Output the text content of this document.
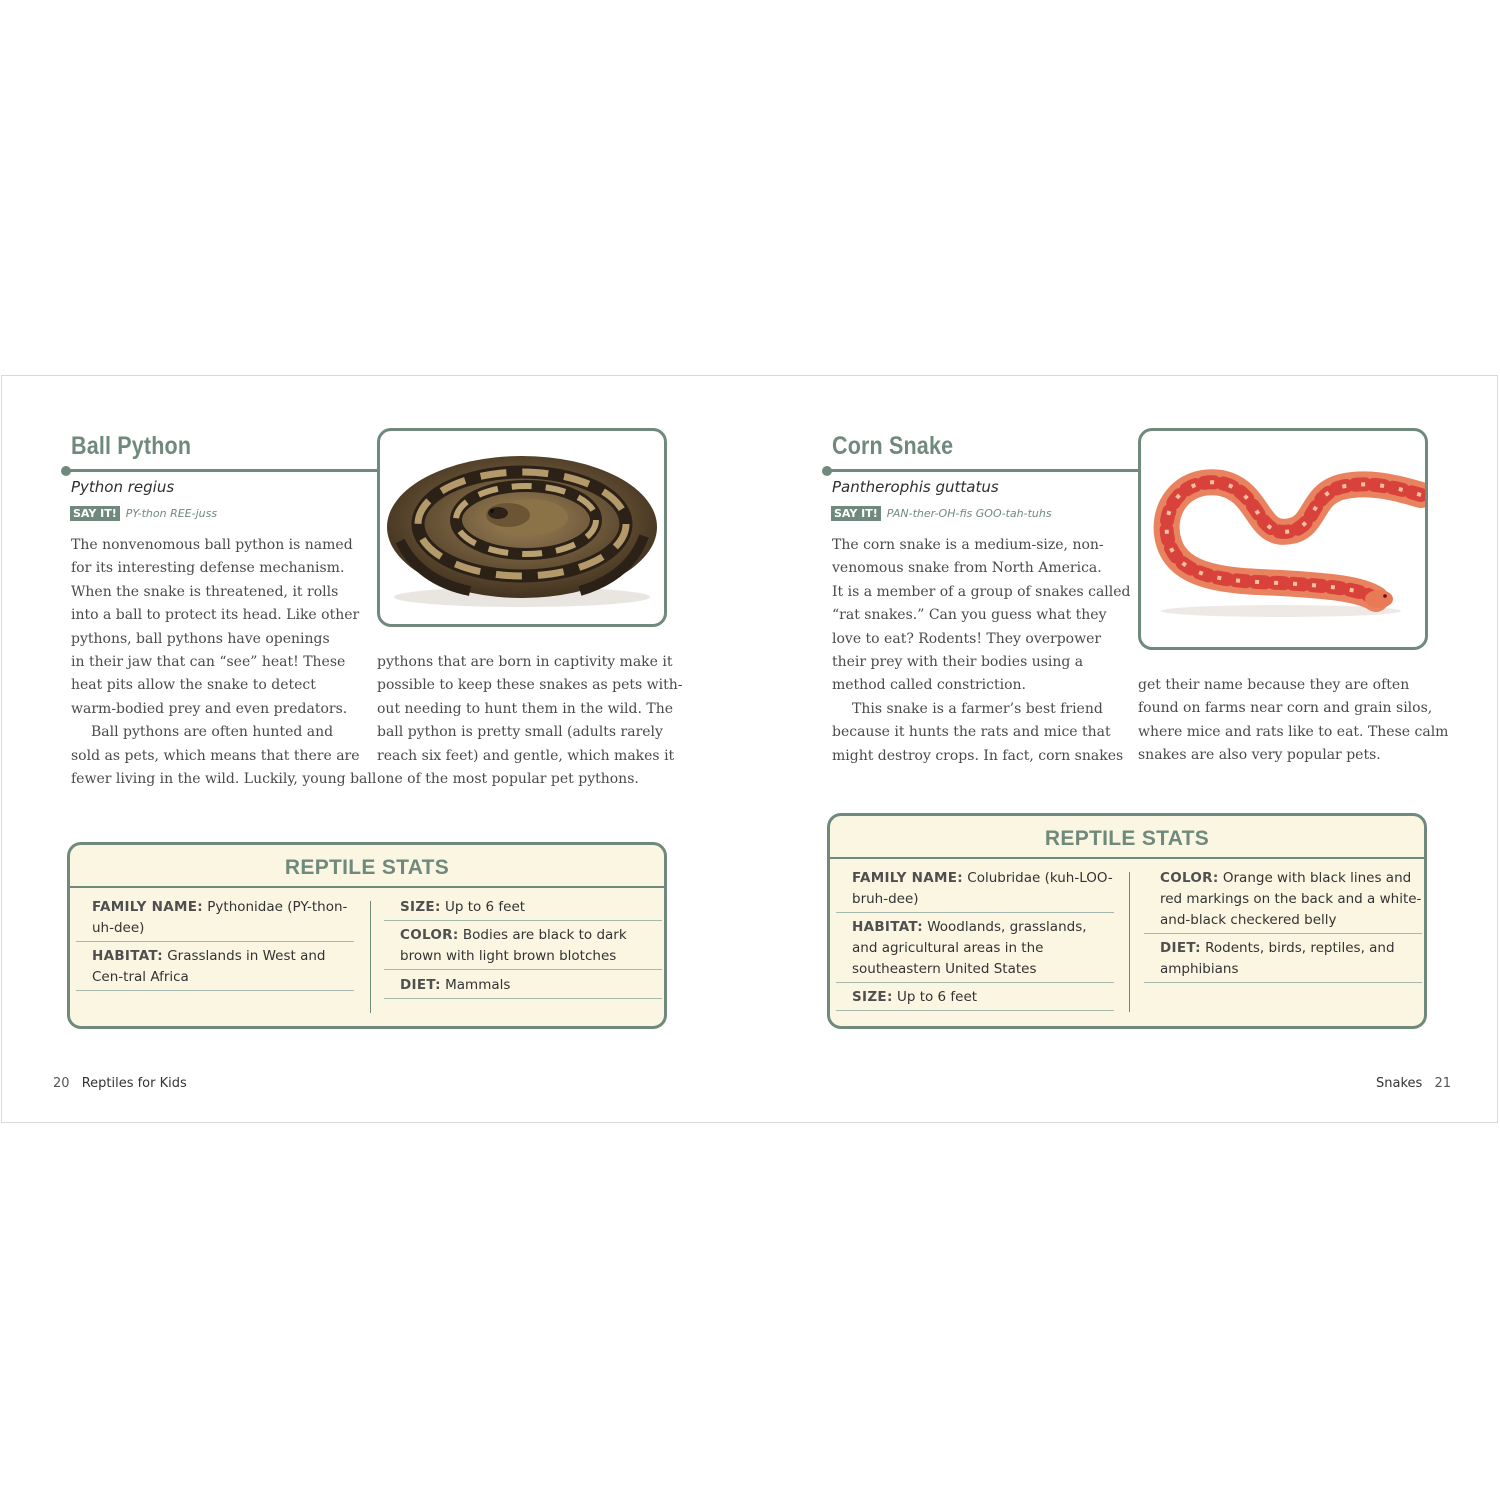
Ball Python
Python regius
SAY IT! PY-thon REE-juss
The nonvenomous ball python is named
for its interesting defense mechanism.
When the snake is threatened, it rolls
into a ball to protect its head. Like other
pythons, ball pythons have openings
in their jaw that can “see” heat! These
heat pits allow the snake to detect
warm-bodied prey and even predators.
Ball pythons are often hunted and
sold as pets, which means that there are
fewer living in the wild. Luckily, young ball
pythons that are born in captivity make it
possible to keep these snakes as pets with-
out needing to hunt them in the wild. The
ball python is pretty small (adults rarely
reach six feet) and gentle, which makes it
one of the most popular pet pythons.
REPTILE STATS
FAMILY NAME: Pythonidae (PY-thon-uh-dee)
HABITAT: Grasslands in West and Cen-tral Africa
SIZE: Up to 6 feet
COLOR: Bodies are black to dark brown with light brown blotches
DIET: Mammals
20 Reptiles for Kids
Corn Snake
Pantherophis guttatus
SAY IT! PAN-ther-OH-fis GOO-tah-tuhs
The corn snake is a medium-size, non-
venomous snake from North America.
It is a member of a group of snakes called
“rat snakes.” Can you guess what they
love to eat? Rodents! They overpower
their prey with their bodies using a
method called constriction.
This snake is a farmer’s best friend
because it hunts the rats and mice that
might destroy crops. In fact, corn snakes
get their name because they are often
found on farms near corn and grain silos,
where mice and rats like to eat. These calm
snakes are also very popular pets.
REPTILE STATS
FAMILY NAME: Colubridae (kuh-LOO-bruh-dee)
HABITAT: Woodlands, grasslands, and agricultural areas in the southeastern United States
SIZE: Up to 6 feet
COLOR: Orange with black lines and red markings on the back and a white-and-black checkered belly
DIET: Rodents, birds, reptiles, and amphibians
Snakes 21
